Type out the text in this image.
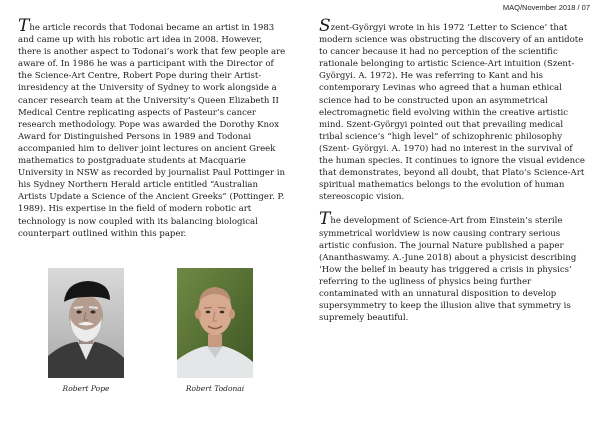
MAQ/November 2018 / 07

The article records that Todonai became an artist in 1983 and came up with his robotic art idea in 2008. However, there is another aspect to Todonai’s work that few people are aware of. In 1986 he was a participant with the Director of the Science-Art Centre, Robert Pope during their Artist-inresidency at the University of Sydney to work alongside a cancer research team at the University’s Queen Elizabeth II Medical Centre replicating aspects of Pasteur’s cancer research methodology. Pope was awarded the Dorothy Knox Award for Distinguished Persons in 1989 and Todonai accompanied him to deliver joint lectures on ancient Greek mathematics to postgraduate students at Macquarie University in NSW as recorded by journalist Paul Pottinger in his Sydney Northern Herald article entitled “Australian Artists Update a Science of the Ancient Greeks” (Pottinger. P. 1989). His expertise in the field of modern robotic art technology is now coupled with its balancing biological counterpart outlined within this paper.

Szent-Györgyi wrote in his 1972 ‘Letter to Science’ that modern science was obstructing the discovery of an antidote to cancer because it had no perception of the scientific rationale belonging to artistic Science-Art intuition (Szent-Györgyi. A. 1972). He was referring to Kant and his contemporary Levinas who agreed that a human ethical science had to be constructed upon an asymmetrical electromagnetic field evolving within the creative artistic mind. Szent-Györgyi pointed out that prevailing medical tribal science’s “high level” of schizophrenic philosophy (Szent- Györgyi. A. 1970) had no interest in the survival of the human species. It continues to ignore the visual evidence that demonstrates, beyond all doubt, that Plato’s Science-Art spiritual mathematics belongs to the evolution of human stereoscopic vision.

The development of Science-Art from Einstein’s sterile symmetrical worldview is now causing contrary serious artistic confusion. The journal Nature published a paper (Ananthaswamy. A.-June 2018) about a physicist describing ‘How the belief in beauty has triggered a crisis in physics’ referring to the ugliness of physics being further contaminated with an unnatural disposition to develop supersymmetry to keep the illusion alive that symmetry is supremely beautiful.

Robert Pope	Robert Todonai
